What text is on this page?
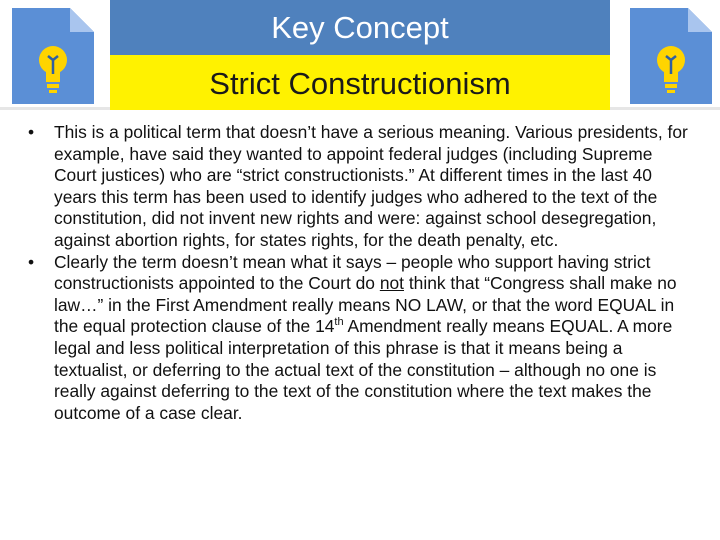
Key Concept
Strict Constructionism

• This is a political term that doesn’t have a serious meaning. Various presidents, for example, have said they wanted to appoint federal judges (including Supreme Court justices) who are “strict constructionists.” At different times in the last 40 years this term has been used to identify judges who adhered to the text of the constitution, did not invent new rights and were: against school desegregation, against abortion rights, for states rights, for the death penalty, etc.

• Clearly the term doesn’t mean what it says – people who support having strict constructionists appointed to the Court do not think that “Congress shall make no law…” in the First Amendment really means NO LAW, or that the word EQUAL in the equal protection clause of the 14th Amendment really means EQUAL. A more legal and less political interpretation of this phrase is that it means being a textualist, or deferring to the actual text of the constitution – although no one is really against deferring to the text of the constitution where the text makes the outcome of a case clear.
